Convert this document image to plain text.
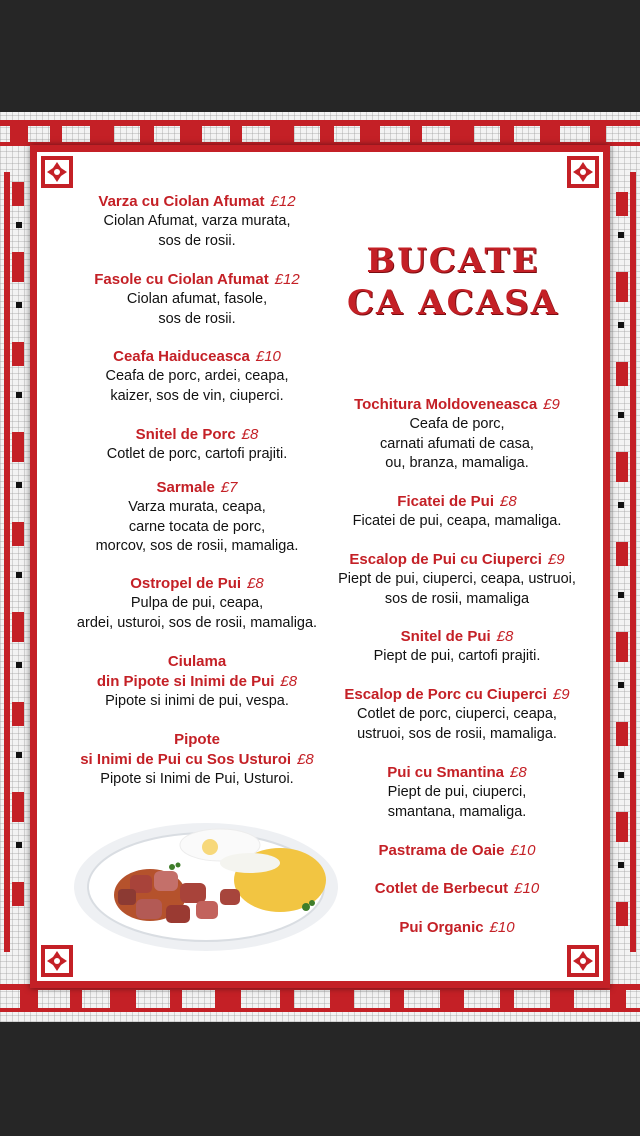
BUCATE
CA ACASA
Varza cu Ciolan Afumat £12
Ciolan Afumat, varza murata,
sos de rosii.
Fasole cu Ciolan Afumat £12
Ciolan afumat, fasole,
sos de rosii.
Ceafa Haiduceasca £10
Ceafa de porc, ardei, ceapa,
kaizer, sos de vin, ciuperci.
Snitel de Porc £8
Cotlet de porc, cartofi prajiti.
Sarmale £7
Varza murata, ceapa,
carne tocata de porc,
morcov, sos de rosii, mamaliga.
Ostropel de Pui £8
Pulpa de pui, ceapa,
ardei, usturoi, sos de rosii, mamaliga.
Ciulama
din Pipote si Inimi de Pui £8
Pipote si inimi de pui, vespa.
Pipote
si Inimi de Pui cu Sos Usturoi £8
Pipote si Inimi de Pui, Usturoi.
Tochitura Moldoveneasca £9
Ceafa de porc,
carnati afumati de casa,
ou, branza, mamaliga.
Ficatei de Pui £8
Ficatei de pui, ceapa, mamaliga.
Escalop de Pui cu Ciuperci £9
Piept de pui, ciuperci, ceapa, ustruoi,
sos de rosii, mamaliga
Snitel de Pui £8
Piept de pui, cartofi prajiti.
Escalop de Porc cu Ciuperci £9
Cotlet de porc, ciuperci, ceapa,
ustruoi, sos de rosii, mamaliga.
Pui cu Smantina £8
Piept de pui, ciuperci,
smantana, mamaliga.
Pastrama de Oaie £10
Cotlet de Berbecut £10
Pui Organic £10
